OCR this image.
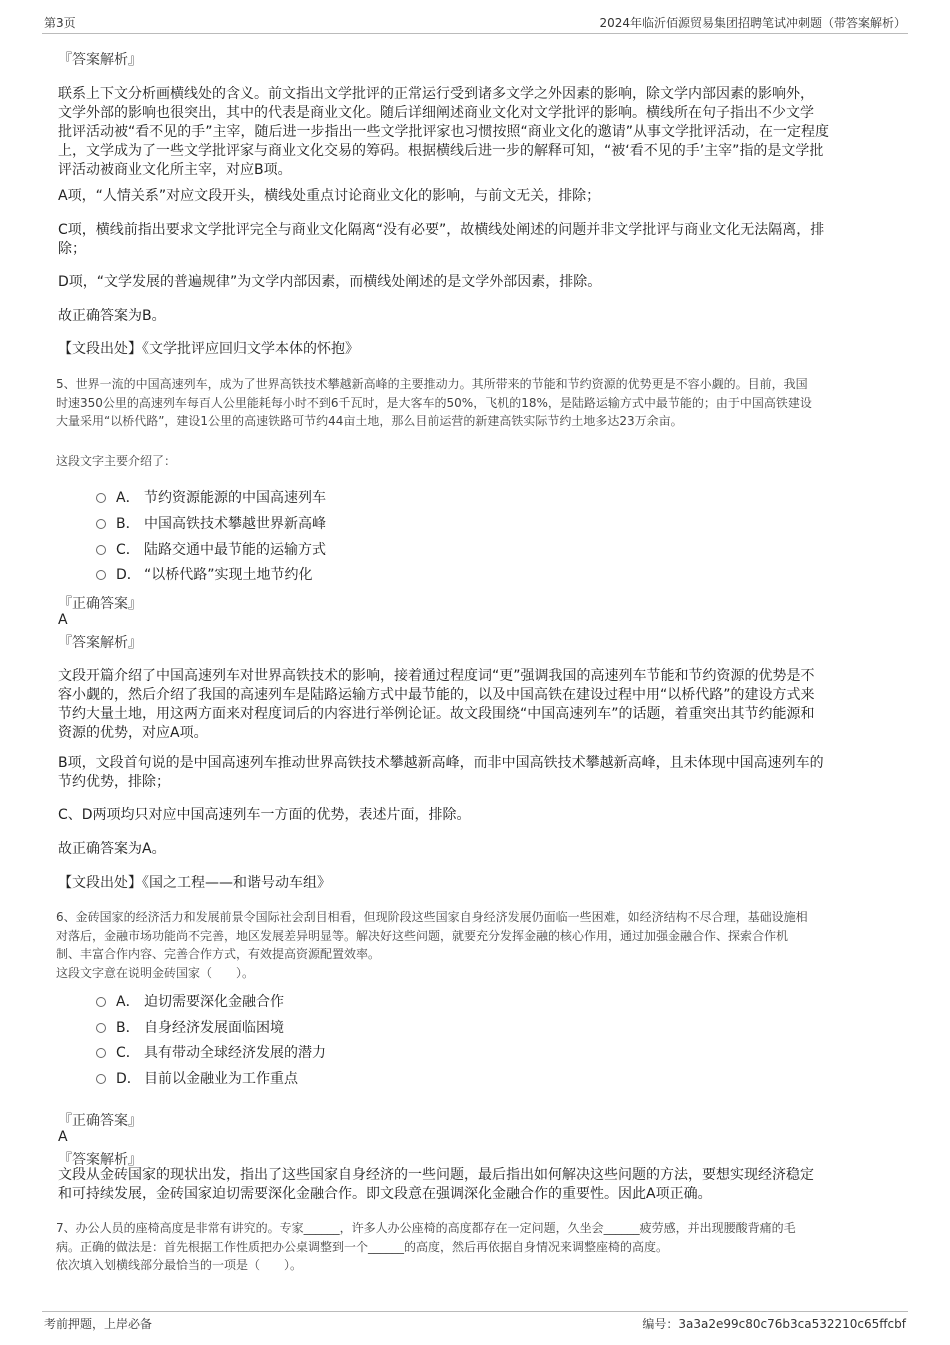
第3页	2024年临沂佰源贸易集团招聘笔试冲刺题（带答案解析）
『答案解析』
联系上下文分析画横线处的含义。前文指出文学批评的正常运行受到诸多文学之外因素的影响，除文学内部因素的影响外，
文学外部的影响也很突出，其中的代表是商业文化。随后详细阐述商业文化对文学批评的影响。横线所在句子指出不少文学
批评活动被“看不见的手”主宰，随后进一步指出一些文学批评家也习惯按照“商业文化的邀请”从事文学批评活动，在一定程度
上，文学成为了一些文学批评家与商业文化交易的筹码。根据横线后进一步的解释可知，“被‘看不见的手’主宰”指的是文学批
评活动被商业文化所主宰，对应B项。
A项，“人情关系”对应文段开头，横线处重点讨论商业文化的影响，与前文无关，排除；
C项，横线前指出要求文学批评完全与商业文化隔离“没有必要”，故横线处阐述的问题并非文学批评与商业文化无法隔离，排
除；
D项，“文学发展的普遍规律”为文学内部因素，而横线处阐述的是文学外部因素，排除。
故正确答案为B。
【文段出处】《文学批评应回归文学本体的怀抱》
5、世界一流的中国高速列车，成为了世界高铁技术攀越新高峰的主要推动力。其所带来的节能和节约资源的优势更是不容小觑的。目前，我国
时速350公里的高速列车每百人公里能耗每小时不到6千瓦时，是大客车的50%，飞机的18%，是陆路运输方式中最节能的；由于中国高铁建设
大量采用“以桥代路”，建设1公里的高速铁路可节约44亩土地，那么目前运营的新建高铁实际节约土地多达23万余亩。
这段文字主要介绍了：
A． 节约资源能源的中国高速列车
B． 中国高铁技术攀越世界新高峰
C． 陆路交通中最节能的运输方式
D． “以桥代路”实现土地节约化
『正确答案』
A
『答案解析』
文段开篇介绍了中国高速列车对世界高铁技术的影响，接着通过程度词“更”强调我国的高速列车节能和节约资源的优势是不
容小觑的，然后介绍了我国的高速列车是陆路运输方式中最节能的，以及中国高铁在建设过程中用“以桥代路”的建设方式来
节约大量土地，用这两方面来对程度词后的内容进行举例论证。故文段围绕“中国高速列车”的话题，着重突出其节约能源和
资源的优势，对应A项。
B项，文段首句说的是中国高速列车推动世界高铁技术攀越新高峰，而非中国高铁技术攀越新高峰，且未体现中国高速列车的
节约优势，排除；
C、D两项均只对应中国高速列车一方面的优势，表述片面，排除。
故正确答案为A。
【文段出处】《国之工程——和谐号动车组》
6、金砖国家的经济活力和发展前景令国际社会刮目相看，但现阶段这些国家自身经济发展仍面临一些困难，如经济结构不尽合理，基础设施相
对落后，金融市场功能尚不完善，地区发展差异明显等。解决好这些问题，就要充分发挥金融的核心作用，通过加强金融合作、探索合作机
制、丰富合作内容、完善合作方式，有效提高资源配置效率。
这段文字意在说明金砖国家（　　）。
A． 迫切需要深化金融合作
B． 自身经济发展面临困境
C． 具有带动全球经济发展的潜力
D． 目前以金融业为工作重点
『正确答案』
A
『答案解析』
文段从金砖国家的现状出发，指出了这些国家自身经济的一些问题，最后指出如何解决这些问题的方法，要想实现经济稳定
和可持续发展，金砖国家迫切需要深化金融合作。即文段意在强调深化金融合作的重要性。因此A项正确。
7、办公人员的座椅高度是非常有讲究的。专家______，许多人办公座椅的高度都存在一定问题，久坐会______疲劳感，并出现腰酸背痛的毛
病。正确的做法是：首先根据工作性质把办公桌调整到一个______的高度，然后再依据自身情况来调整座椅的高度。
依次填入划横线部分最恰当的一项是（　　）。
考前押题，上岸必备	编号：3a3a2e99c80c76b3ca532210c65ffcbf
